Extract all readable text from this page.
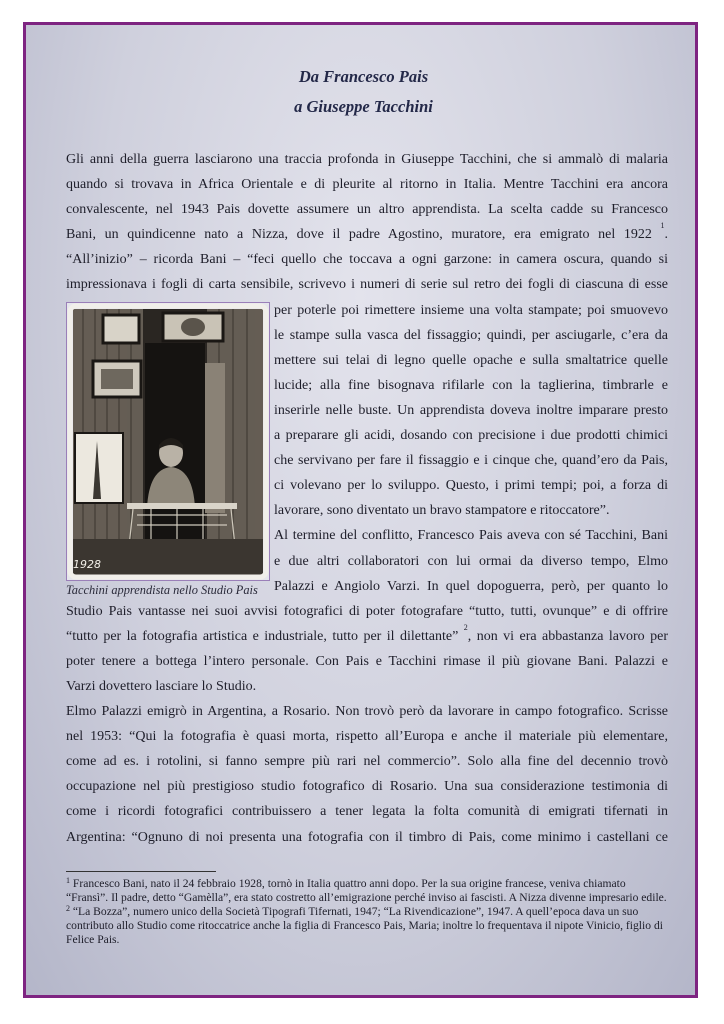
Da Francesco Pais
a Giuseppe Tacchini

Gli anni della guerra lasciarono una traccia profonda in Giuseppe Tacchini, che si ammalò di malaria

quando si trovava in Africa Orientale e di pleurite al ritorno in Italia. Mentre Tacchini era ancora

convalescente, nel 1943 Pais dovette assumere un altro apprendista. La scelta cadde su Francesco

Bani, un quindicenne nato a Nizza, dove il padre Agostino, muratore, era emigrato nel 1922 $^1$.

“All’inizio” – ricorda Bani – “feci quello che toccava a ogni garzone: in camera oscura, quando si

impressionava i fogli di carta sensibile, scrivevo i numeri di serie sul retro dei fogli di ciascuna di esse

1928
Tacchini apprendista nello Studio Pais

per poterle poi rimettere insieme una volta stampate; poi smuovevo

le stampe sulla vasca del fissaggio; quindi, per asciugarle, c’era da

mettere sui telai di legno quelle opache e sulla smaltatrice quelle

lucide; alla fine bisognava rifilarle con la taglierina, timbrarle e

inserirle nelle buste. Un apprendista doveva inoltre imparare presto

a preparare gli acidi, dosando con precisione i due prodotti chimici

che servivano per fare il fissaggio e i cinque che, quand’ero da Pais,

ci volevano per lo sviluppo. Questo, i primi tempi; poi, a forza di

lavorare, sono diventato un bravo stampatore e ritoccatore”.

Al termine del conflitto, Francesco Pais aveva con sé Tacchini, Bani

e due altri collaboratori con lui ormai da diverso tempo, Elmo

Palazzi e Angiolo Varzi. In quel dopoguerra, però, per quanto lo

Studio Pais vantasse nei suoi avvisi fotografici di poter fotografare “tutto, tutti, ovunque” e di offrire

“tutto per la fotografia artistica e industriale, tutto per il dilettante” $^2$, non vi era abbastanza lavoro per

poter tenere a bottega l’intero personale. Con Pais e Tacchini rimase il più giovane Bani. Palazzi e

Varzi dovettero lasciare lo Studio.

Elmo Palazzi emigrò in Argentina, a Rosario. Non trovò però da lavorare in campo fotografico. Scrisse

nel 1953: “Qui la fotografia è quasi morta, rispetto all’Europa e anche il materiale più elementare,

come ad es. i rotolini, si fanno sempre più rari nel commercio”. Solo alla fine del decennio trovò

occupazione nel più prestigioso studio fotografico di Rosario. Una sua considerazione testimonia di

come i ricordi fotografici contribuissero a tener legata la folta comunità di emigrati tifernati in

Argentina: “Ognuno di noi presenta una fotografia con il timbro di Pais, come minimo i castellani ce

$^1$ Francesco Bani, nato il 24 febbraio 1928, tornò in Italia quattro anni dopo. Per la sua origine francese, veniva chiamato “Fransì”. Il padre, detto “Gamèlla”, era stato costretto all’emigrazione perché inviso ai fascisti. A Nizza divenne impresario edile.

$^2$ “La Bozza”, numero unico della Società Tipografi Tifernati, 1947; “La Rivendicazione”, 1947. A quell’epoca dava un suo contributo allo Studio come ritoccatrice anche la figlia di Francesco Pais, Maria; inoltre lo frequentava il nipote Vinicio, figlio di Felice Pais.
